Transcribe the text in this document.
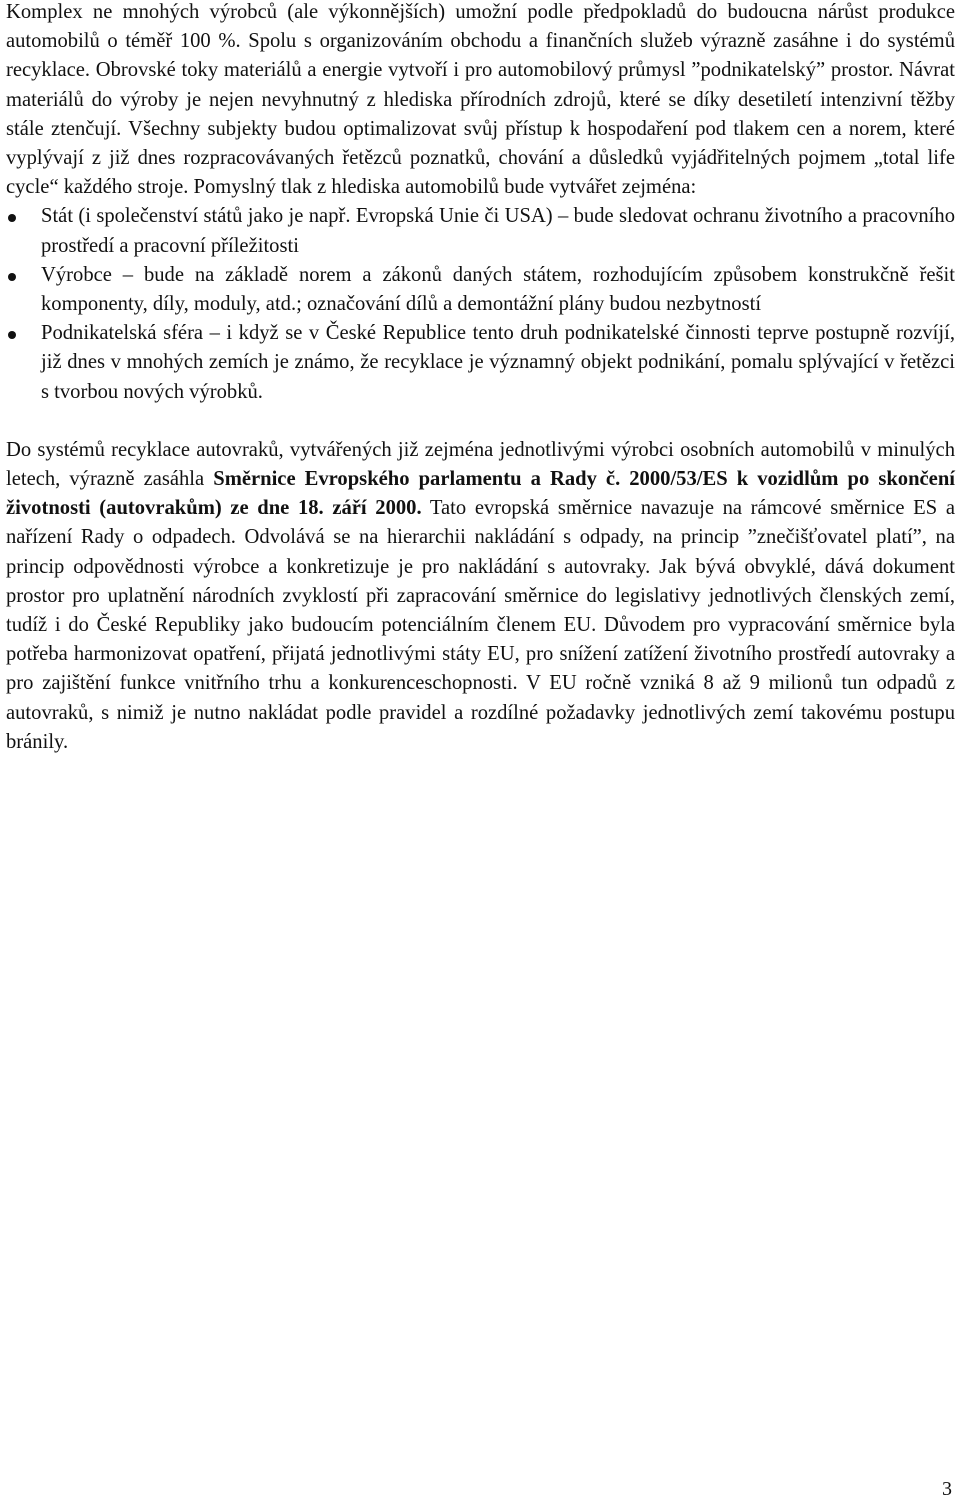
Komplex ne mnohých výrobců (ale výkonnějších) umožní podle předpokladů do budoucna nárůst produkce automobilů o téměř 100 %. Spolu s organizováním obchodu a finančních služeb výrazně zasáhne i do systémů recyklace. Obrovské toky materiálů a energie vytvoří i pro automobilový průmysl ”podnikatelský” prostor. Návrat materiálů do výroby je nejen nevyhnutný z hlediska přírodních zdrojů, které se díky desetiletí intenzivní těžby stále ztenčují. Všechny subjekty budou optimalizovat svůj přístup k hospodaření pod tlakem cen a norem, které vyplývají z již dnes rozpracovávaných řetězců poznatků, chování a důsledků vyjádřitelných pojmem „total life cycle“ každého stroje. Pomyslný tlak z hlediska automobilů bude vytvářet zejména:

Stát (i společenství států jako je např. Evropská Unie či USA) – bude sledovat ochranu životního a pracovního prostředí a pracovní příležitosti
Výrobce – bude na základě norem a zákonů daných státem, rozhodujícím způsobem konstrukčně řešit komponenty, díly, moduly, atd.; označování dílů a demontážní plány budou nezbytností
Podnikatelská sféra – i když se v České Republice tento druh podnikatelské činnosti teprve postupně rozvíjí, již dnes v mnohých zemích je známo, že recyklace je významný objekt podnikání, pomalu splývající v řetězci s tvorbou nových výrobků.

Do systémů recyklace autovraků, vytvářených již zejména jednotlivými výrobci osobních automobilů v minulých letech, výrazně zasáhla Směrnice Evropského parlamentu a Rady č. 2000/53/ES k vozidlům po skončení životnosti (autovrakům) ze dne 18. září 2000. Tato evropská směrnice navazuje na rámcové směrnice ES a nařízení Rady o odpadech. Odvolává se na hierarchii nakládání s odpady, na princip ”znečišťovatel platí”, na princip odpovědnosti výrobce a konkretizuje je pro nakládání s autovraky. Jak bývá obvyklé, dává dokument prostor pro uplatnění národních zvyklostí při zapracování směrnice do legislativy jednotlivých členských zemí, tudíž i do České Republiky jako budoucím potenciálním členem EU. Důvodem pro vypracování směrnice byla potřeba harmonizovat opatření, přijatá jednotlivými státy EU, pro snížení zatížení životního prostředí autovraky a pro zajištění funkce vnitřního trhu a konkurenceschopnosti. V EU ročně vzniká 8 až 9 milionů tun odpadů z autovraků, s nimiž je nutno nakládat podle pravidel a rozdílné požadavky jednotlivých zemí takovému postupu bránily.

3
